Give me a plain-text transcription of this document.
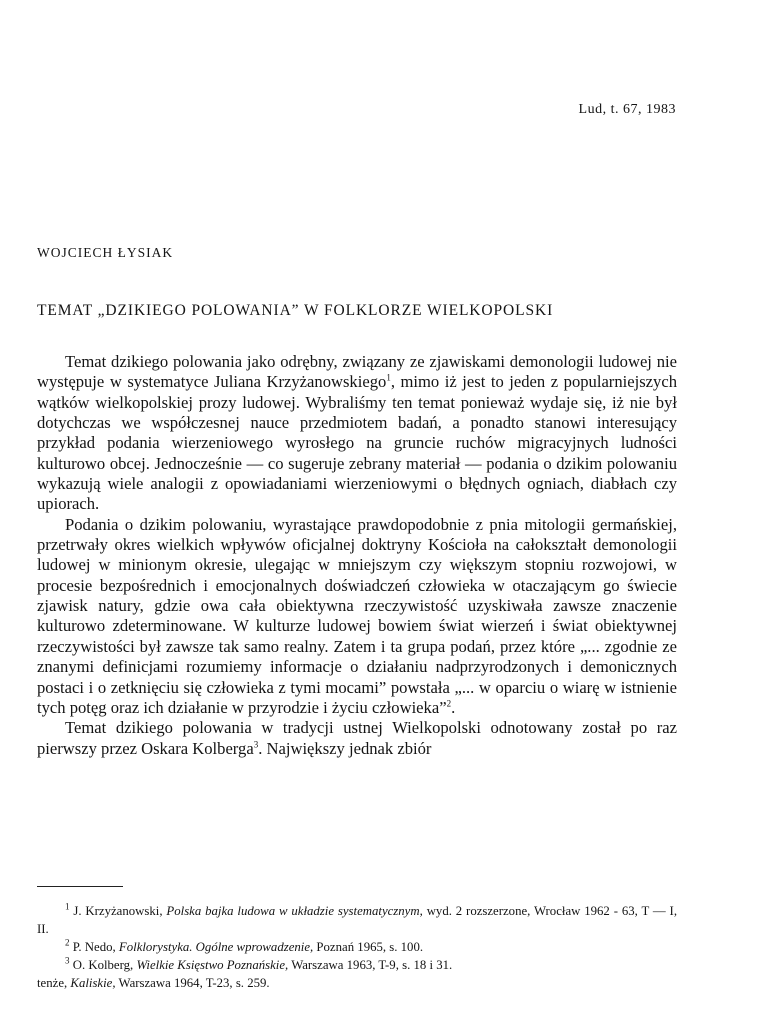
Lud, t. 67, 1983
WOJCIECH ŁYSIAK
TEMAT „DZIKIEGO POLOWANIA” W FOLKLORZE WIELKOPOLSKI

Temat dzikiego polowania jako odrębny, związany ze zjawiskami demonologii ludowej nie występuje w systematyce Juliana Krzyżanowskiego$^1$, mimo iż jest to jeden z popularniejszych wątków wielkopolskiej prozy ludowej. Wybraliśmy ten temat ponieważ wydaje się, iż nie był dotychczas we współczesnej nauce przedmiotem badań, a ponadto stanowi interesujący przykład podania wierzeniowego wyrosłego na gruncie ruchów migracyjnych ludności kulturowo obcej. Jednocześnie — co sugeruje zebrany materiał — podania o dzikim polowaniu wykazują wiele analogii z opowiadaniami wierzeniowymi o błędnych ogniach, diabłach czy upiorach.

Podania o dzikim polowaniu, wyrastające prawdopodobnie z pnia mitologii germańskiej, przetrwały okres wielkich wpływów oficjalnej doktryny Kościoła na całokształt demonologii ludowej w minionym okresie, ulegając w mniejszym czy większym stopniu rozwojowi, w procesie bezpośrednich i emocjonalnych doświadczeń człowieka w otaczającym go świecie zjawisk natury, gdzie owa cała obiektywna rzeczywistość uzyskiwała zawsze znaczenie kulturowo zdeterminowane. W kulturze ludowej bowiem świat wierzeń i świat obiektywnej rzeczywistości był zawsze tak samo realny. Zatem i ta grupa podań, przez które „... zgodnie ze znanymi definicjami rozumiemy informacje o działaniu nadprzyrodzonych i demonicznych postaci i o zetknięciu się człowieka z tymi mocami” powstała „... w oparciu o wiarę w istnienie tych potęg oraz ich działanie w przyrodzie i życiu człowieka”$^2$.

Temat dzikiego polowania w tradycji ustnej Wielkopolski odnotowany został po raz pierwszy przez Oskara Kolberga$^3$. Największy jednak zbiór

$^1$ J. Krzyżanowski, Polska bajka ludowa w układzie systematycznym, wyd. 2 rozszerzone, Wrocław 1962 - 63, T — I, II.

$^2$ P. Nedo, Folklorystyka. Ogólne wprowadzenie, Poznań 1965, s. 100.

$^3$ O. Kolberg, Wielkie Księstwo Poznańskie, Warszawa 1963, T-9, s. 18 i 31.

tenże, Kaliskie, Warszawa 1964, T-23, s. 259.
